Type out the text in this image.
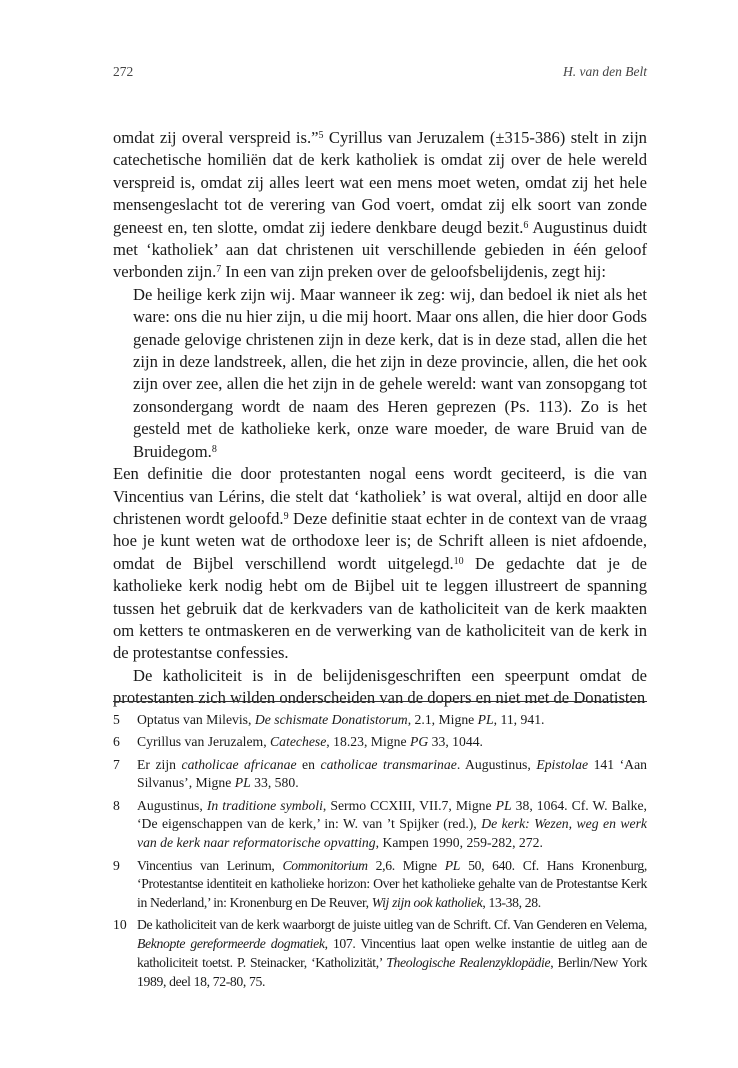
272	H. van den Belt

omdat zij overal verspreid is.”$^5$ Cyrillus van Jeruzalem (±315-386) stelt in zijn catechetische homiliën dat de kerk katholiek is omdat zij over de hele wereld verspreid is, omdat zij alles leert wat een mens moet weten, omdat zij het hele mensengeslacht tot de verering van God voert, omdat zij elk soort van zonde geneest en, ten slotte, omdat zij iedere denkbare deugd bezit.$^6$ Augustinus duidt met ‘katholiek’ aan dat christenen uit verschillende gebieden in één geloof verbonden zijn.$^7$ In een van zijn preken over de geloofsbelijdenis, zegt hij:

De heilige kerk zijn wij. Maar wanneer ik zeg: wij, dan bedoel ik niet als het ware: ons die nu hier zijn, u die mij hoort. Maar ons allen, die hier door Gods genade gelovige christenen zijn in deze kerk, dat is in deze stad, allen die het zijn in deze landstreek, allen, die het zijn in deze provincie, allen, die het ook zijn over zee, allen die het zijn in de gehele wereld: want van zonsopgang tot zonsondergang wordt de naam des Heren geprezen (Ps. 113). Zo is het gesteld met de katholieke kerk, onze ware moeder, de ware Bruid van de Bruidegom.$^8$

Een definitie die door protestanten nogal eens wordt geciteerd, is die van Vincentius van Lérins, die stelt dat ‘katholiek’ is wat overal, altijd en door alle christenen wordt geloofd.$^9$ Deze definitie staat echter in de context van de vraag hoe je kunt weten wat de orthodoxe leer is; de Schrift alleen is niet afdoende, omdat de Bijbel verschillend wordt uitgelegd.$^{10}$ De gedachte dat je de katholieke kerk nodig hebt om de Bijbel uit te leggen illustreert de spanning tussen het gebruik dat de kerkvaders van de katholiciteit van de kerk maakten om ketters te ontmaskeren en de verwerking van de katholiciteit van de kerk in de protestantse confessies.

De katholiciteit is in de belijdenisgeschriften een speerpunt omdat de protestanten zich wilden onderscheiden van de dopers en niet met de Donatisten

5	Optatus van Milevis, De schismate Donatistorum, 2.1, Migne PL, 11, 941.
6	Cyrillus van Jeruzalem, Catechese, 18.23, Migne PG 33, 1044.
7	Er zijn catholicae africanae en catholicae transmarinae. Augustinus, Epistolae 141 ‘Aan Silvanus’, Migne PL 33, 580.
8	Augustinus, In traditione symboli, Sermo CCXIII, VII.7, Migne PL 38, 1064. Cf. W. Balke, ‘De eigenschappen van de kerk,’ in: W. van ’t Spijker (red.), De kerk: Wezen, weg en werk van de kerk naar reformatorische opvatting, Kampen 1990, 259-282, 272.
9	Vincentius van Lerinum, Commonitorium 2,6. Migne PL 50, 640. Cf. Hans Kronenburg, ‘Protestantse identiteit en katholieke horizon: Over het katholieke gehalte van de Protestantse Kerk in Nederland,’ in: Kronenburg en De Reuver, Wij zijn ook katholiek, 13-38, 28.
10 De katholiciteit van de kerk waarborgt de juiste uitleg van de Schrift. Cf. Van Genderen en Velema, Beknopte gereformeerde dogmatiek, 107. Vincentius laat open welke instantie de uitleg aan de katholiciteit toetst. P. Steinacker, ‘Katholizität,’ Theologische Realenzyklopädie, Berlin/New York 1989, deel 18, 72-80, 75.
